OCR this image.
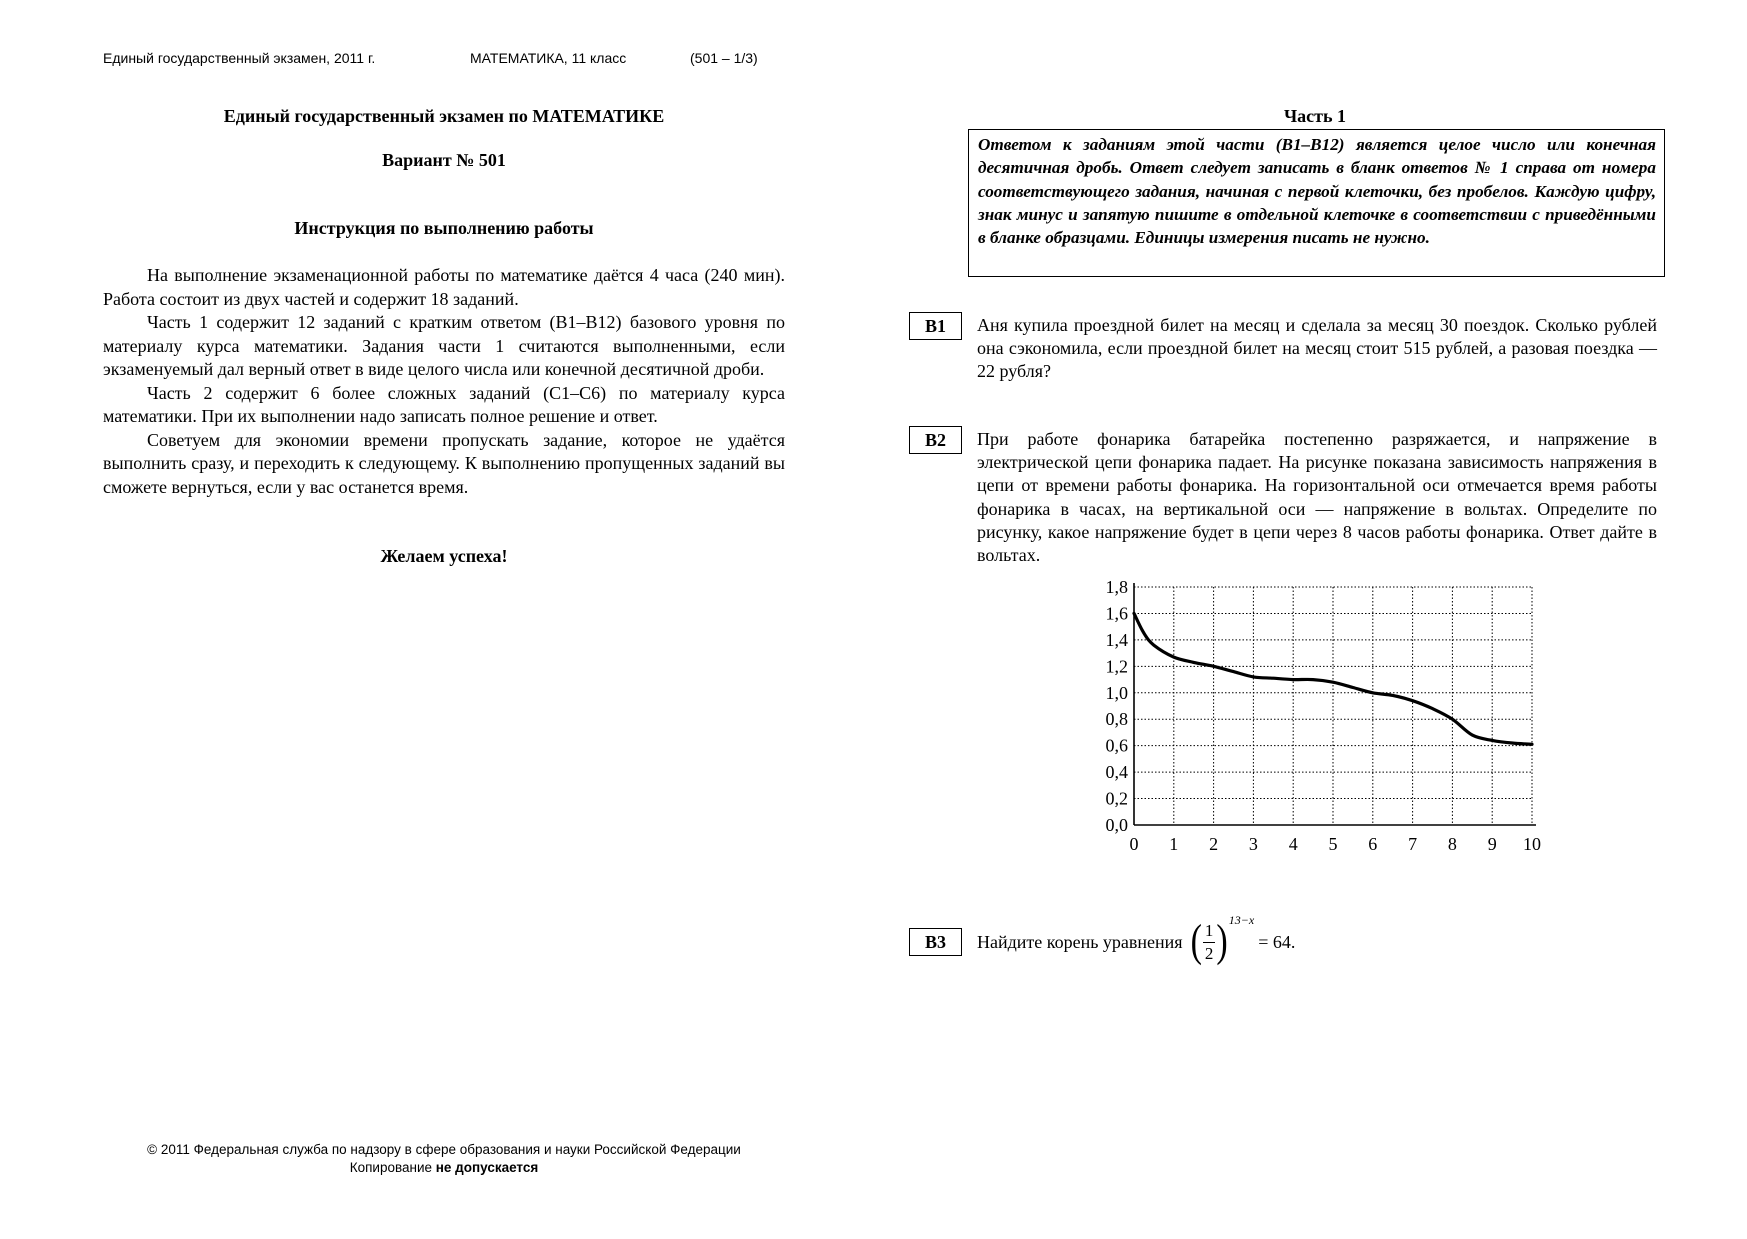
Единый государственный экзамен, 2011 г.	МАТЕМАТИКА, 11 класс	(501 – 1/3)
Единый государственный экзамен по МАТЕМАТИКЕ
Вариант № 501
Инструкция по выполнению работы

На выполнение экзаменационной работы по математике даётся 4 часа (240 мин). Работа состоит из двух частей и содержит 18 заданий.

Часть 1 содержит 12 заданий с кратким ответом (B1–B12) базового уровня по материалу курса математики. Задания части 1 считаются выполненными, если экзаменуемый дал верный ответ в виде целого числа или конечной десятичной дроби.

Часть 2 содержит 6 более сложных заданий (C1–C6) по материалу курса математики. При их выполнении надо записать полное решение и ответ.

Советуем для экономии времени пропускать задание, которое не удаётся выполнить сразу, и переходить к следующему. К выполнению пропущенных заданий вы сможете вернуться, если у вас останется время.

Желаем успеха!
© 2011 Федеральная служба по надзору в сфере образования и науки Российской Федерации
Копирование не допускается
Часть 1
Ответом к заданиям этой части (B1–B12) является целое число или конечная десятичная дробь. Ответ следует записать в бланк ответов № 1 справа от номера соответствующего задания, начиная с первой клеточки, без пробелов. Каждую цифру, знак минус и запятую пишите в отдельной клеточке в соответствии с приведёнными в бланке образцами. Единицы измерения писать не нужно.
B1	Аня купила проездной билет на месяц и сделала за месяц 30 поездок. Сколько рублей она сэкономила, если проездной билет на месяц стоит 515 рублей, а разовая поездка — 22 рубля?
B2	При работе фонарика батарейка постепенно разряжается, и напряжение в электрической цепи фонарика падает. На рисунке показана зависимость напряжения в цепи от времени работы фонарика. На горизонтальной оси отмечается время работы фонарика в часах, на вертикальной оси — напряжение в вольтах. Определите по рисунку, какое напряжение будет в цепи через 8 часов работы фонарика. Ответ дайте в вольтах.
0 1 2 3 4 5 6 7 8 9 10
0,0
0,2
0,4
0,6
0,8
1,0
1,2
1,4
1,6
1,8
B3	Найдите корень уравнения ( $\frac{1}{2}$ ) 13−x
= 64.
